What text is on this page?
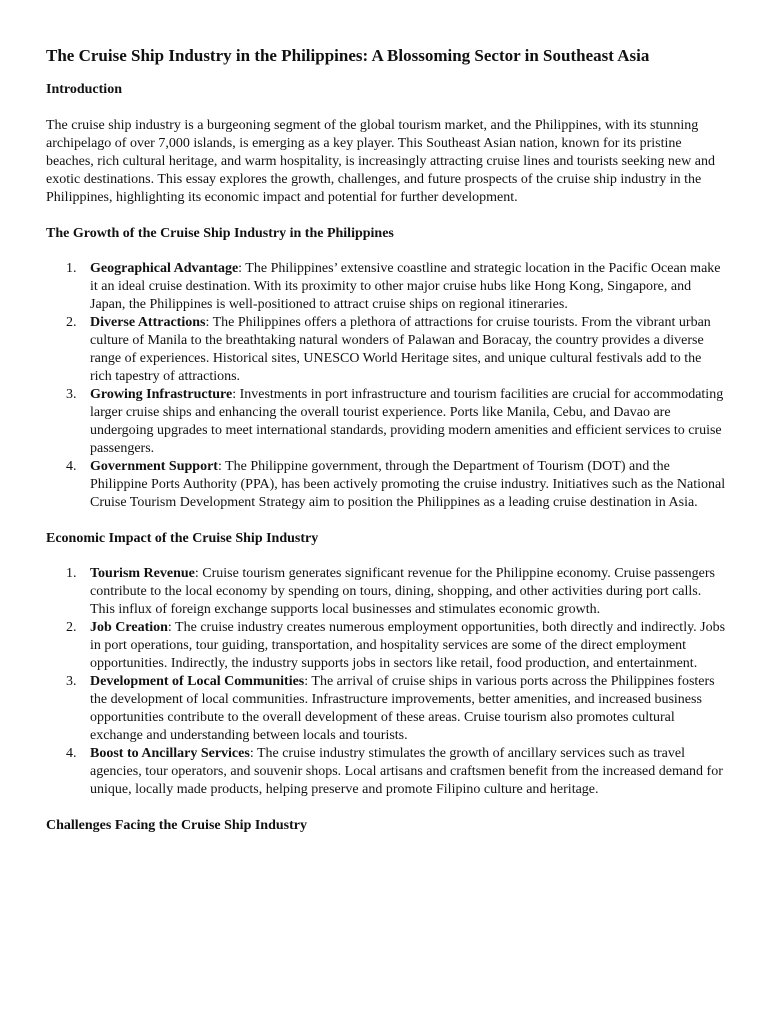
The Cruise Ship Industry in the Philippines: A Blossoming Sector in Southeast Asia
Introduction

The cruise ship industry is a burgeoning segment of the global tourism market, and the Philippines, with its stunning archipelago of over 7,000 islands, is emerging as a key player. This Southeast Asian nation, known for its pristine beaches, rich cultural heritage, and warm hospitality, is increasingly attracting cruise lines and tourists seeking new and exotic destinations. This essay explores the growth, challenges, and future prospects of the cruise ship industry in the Philippines, highlighting its economic impact and potential for further development.

The Growth of the Cruise Ship Industry in the Philippines
1. Geographical Advantage: The Philippines’ extensive coastline and strategic location in the Pacific Ocean make it an ideal cruise destination. With its proximity to other major cruise hubs like Hong Kong, Singapore, and Japan, the Philippines is well-positioned to attract cruise ships on regional itineraries.
2. Diverse Attractions: The Philippines offers a plethora of attractions for cruise tourists. From the vibrant urban culture of Manila to the breathtaking natural wonders of Palawan and Boracay, the country provides a diverse range of experiences. Historical sites, UNESCO World Heritage sites, and unique cultural festivals add to the rich tapestry of attractions.
3. Growing Infrastructure: Investments in port infrastructure and tourism facilities are crucial for accommodating larger cruise ships and enhancing the overall tourist experience. Ports like Manila, Cebu, and Davao are undergoing upgrades to meet international standards, providing modern amenities and efficient services to cruise passengers.
4. Government Support: The Philippine government, through the Department of Tourism (DOT) and the Philippine Ports Authority (PPA), has been actively promoting the cruise industry. Initiatives such as the National Cruise Tourism Development Strategy aim to position the Philippines as a leading cruise destination in Asia.
Economic Impact of the Cruise Ship Industry
1. Tourism Revenue: Cruise tourism generates significant revenue for the Philippine economy. Cruise passengers contribute to the local economy by spending on tours, dining, shopping, and other activities during port calls. This influx of foreign exchange supports local businesses and stimulates economic growth.
2. Job Creation: The cruise industry creates numerous employment opportunities, both directly and indirectly. Jobs in port operations, tour guiding, transportation, and hospitality services are some of the direct employment opportunities. Indirectly, the industry supports jobs in sectors like retail, food production, and entertainment.
3. Development of Local Communities: The arrival of cruise ships in various ports across the Philippines fosters the development of local communities. Infrastructure improvements, better amenities, and increased business opportunities contribute to the overall development of these areas. Cruise tourism also promotes cultural exchange and understanding between locals and tourists.
4. Boost to Ancillary Services: The cruise industry stimulates the growth of ancillary services such as travel agencies, tour operators, and souvenir shops. Local artisans and craftsmen benefit from the increased demand for unique, locally made products, helping preserve and promote Filipino culture and heritage.
Challenges Facing the Cruise Ship Industry
